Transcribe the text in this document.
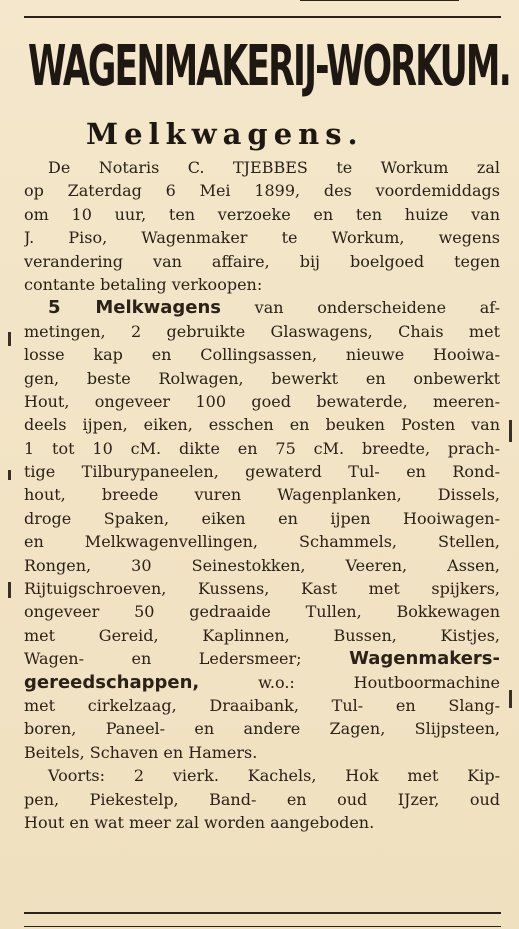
WAGENMAKERIJ-WORKUM.
Melkwagens.
De Notaris C. TJEBBES te Workum zal
op Zaterdag 6 Mei 1899, des voordemiddags
om 10 uur, ten verzoeke en ten huize van
J. Piso, Wagenmaker te Workum, wegens
verandering van affaire, bij boelgoed tegen
contante betaling verkoopen:
5 Melkwagens van onderscheidene af-
metingen, 2 gebruikte Glaswagens, Chais met
losse kap en Collingsassen, nieuwe Hooiwa-
gen, beste Rolwagen, bewerkt en onbewerkt
Hout, ongeveer 100 goed bewaterde, meeren-
deels ijpen, eiken, esschen en beuken Posten van
1 tot 10 cM. dikte en 75 cM. breedte, prach-
tige Tilburypaneelen, gewaterd Tul- en Rond-
hout, breede vuren Wagenplanken, Dissels,
droge Spaken, eiken en ijpen Hooiwagen-
en Melkwagenvellingen, Schammels, Stellen,
Rongen, 30 Seinestokken, Veeren, Assen,
Rijtuigschroeven, Kussens, Kast met spijkers,
ongeveer 50 gedraaide Tullen, Bokkewagen
met Gereid, Kaplinnen, Bussen, Kistjes,
Wagen- en Ledersmeer;	Wagenmakers-
gereedschappen,	w.o.: Houtboormachine
met cirkelzaag, Draaibank, Tul- en Slang-
boren, Paneel- en andere Zagen, Slijpsteen,
Beitels, Schaven en Hamers.
Voorts: 2 vierk. Kachels, Hok met Kip-
pen, Piekestelp, Band- en oud IJzer, oud
Hout en wat meer zal worden aangeboden.
